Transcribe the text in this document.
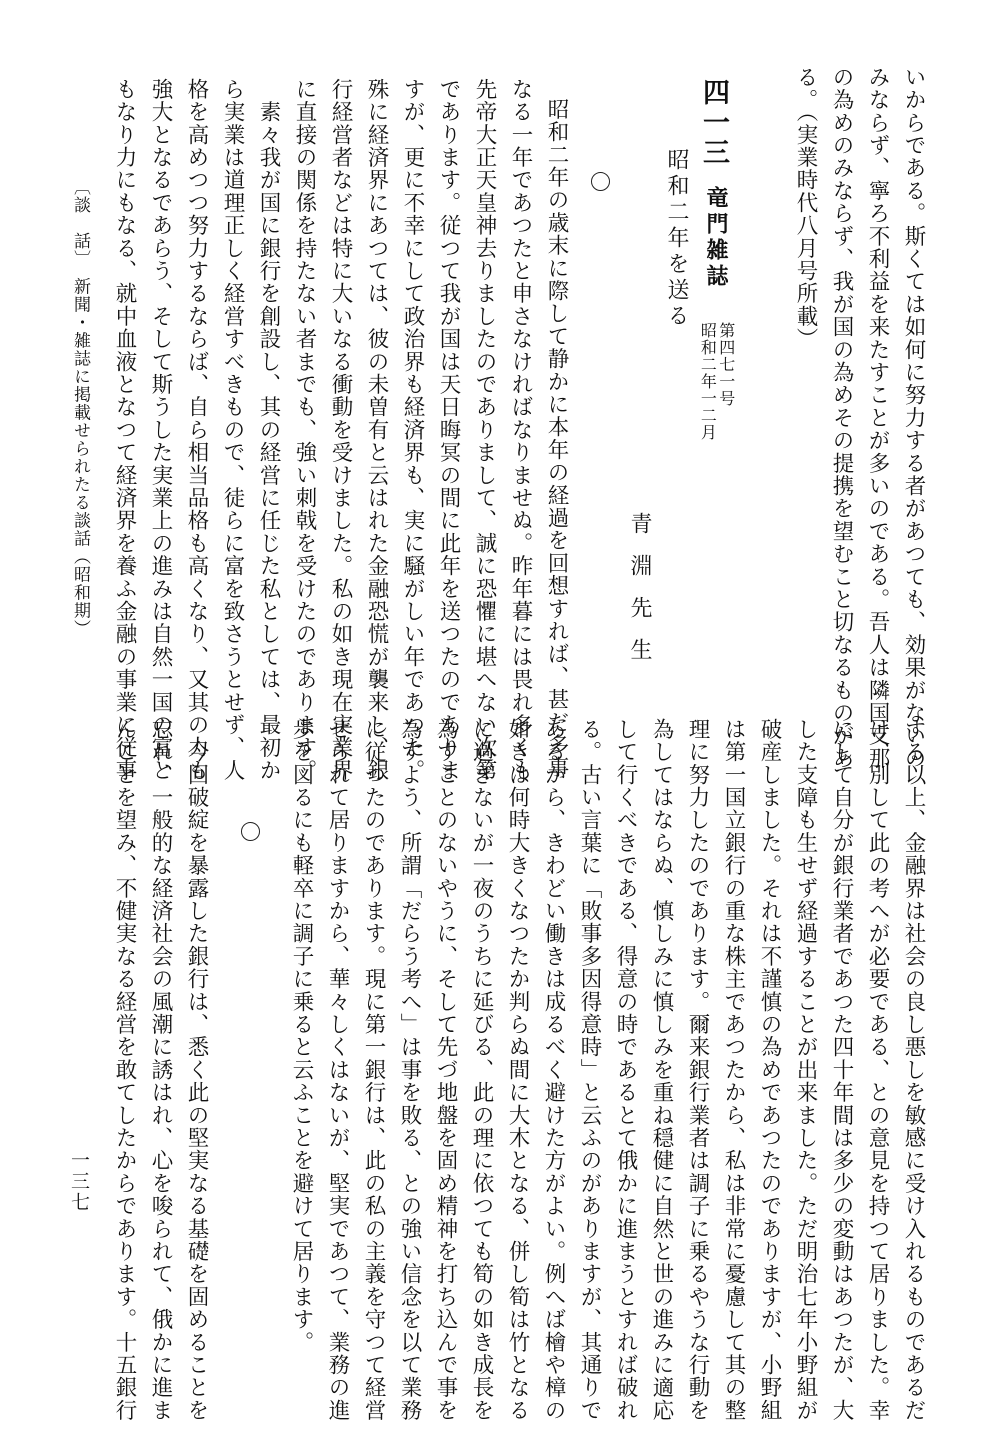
いからである。斯くては如何に努力する者があつても、効果がないの
みならず、寧ろ不利益を来たすことが多いのである。吾人は隣国支那
の為めのみならず、我が国の為めその提携を望むこと切なるものがあ
る。（実業時代八月号所載）
四一三
竜門雑誌
第四七一号
昭和二年一二月
昭和二年を送る
青淵先生
昭和二年の歳末に際して静かに本年の経過を回想すれば、甚だ多事
なる一年であつたと申さなければなりませぬ。昨年暮には畏れ多くも
先帝大正天皇神去りましたのでありまして、誠に恐懼に堪へない次第
であります。従つて我が国は天日晦冥の間に此年を送つたのでありま
すが、更に不幸にして政治界も経済界も、実に騒がしい年であつた。
殊に経済界にあつては、彼の未曽有と云はれた金融恐慌が襲来し、銀
行経営者などは特に大いなる衝動を受けました。私の如き現在実業界
に直接の関係を持たない者までも、強い刺戟を受けたのであります。
　素々我が国に銀行を創設し、其の経営に任じた私としては、最初か
ら実業は道理正しく経営すべきもので、徒らに富を致さうとせず、人
格を高めつつ努力するならば、自ら相当品格も高くなり、又其の力も
強大となるであらう、そして斯うした実業上の進みは自然一国の富と
もなり力にもなる、就中血液となつて経済界を養ふ金融の事業に従事
〔談　話〕　新聞・雑誌に掲載せられたる談話（昭和期）
する以上、金融界は社会の良し悪しを敏感に受け入れるものであるだ
け、別して此の考へが必要である、との意見を持つて居りました。幸
にして自分が銀行業者であつた四十年間は多少の変動はあつたが、大
した支障も生せず経過することが出来ました。ただ明治七年小野組が
破産しました。それは不謹慎の為めであつたのでありますが、小野組
は第一国立銀行の重な株主であつたから、私は非常に憂慮して其の整
理に努力したのであります。爾来銀行業者は調子に乗るやうな行動を
為してはならぬ、慎しみに慎しみを重ね穏健に自然と世の進みに適応
して行くべきである、得意の時であるとて俄かに進まうとすれば破れ
る。古い言葉に「敗事多因得意時」と云ふのがありますが、其通りで
あるから、きわどい働きは成るべく避けた方がよい。例へば檜や樟の
如きは何時大きくなつたか判らぬ間に大木となる、併し筍は竹となる
に過ぎないが一夜のうちに延びる、此の理に依つても筍の如き成長を
為すことのないやうに、そして先づ地盤を固め精神を打ち込んで事を
為すよう、所謂「だらう考へ」は事を敗る、との強い信念を以て業務
に従つたのであります。現に第一銀行は、此の私の主義を守つて経営
せられて居りますから、華々しくはないが、堅実であつて、業務の進
歩を図るにも軽卒に調子に乗ると云ふことを避けて居ります。
　今回破綻を暴露した銀行は、悉く此の堅実なる基礎を固めることを
忘れ、一般的な経済社会の風潮に誘はれ、心を唆られて、俄かに進ま
んことを望み、不健実なる経営を敢てしたからであります。十五銀行
一三七
